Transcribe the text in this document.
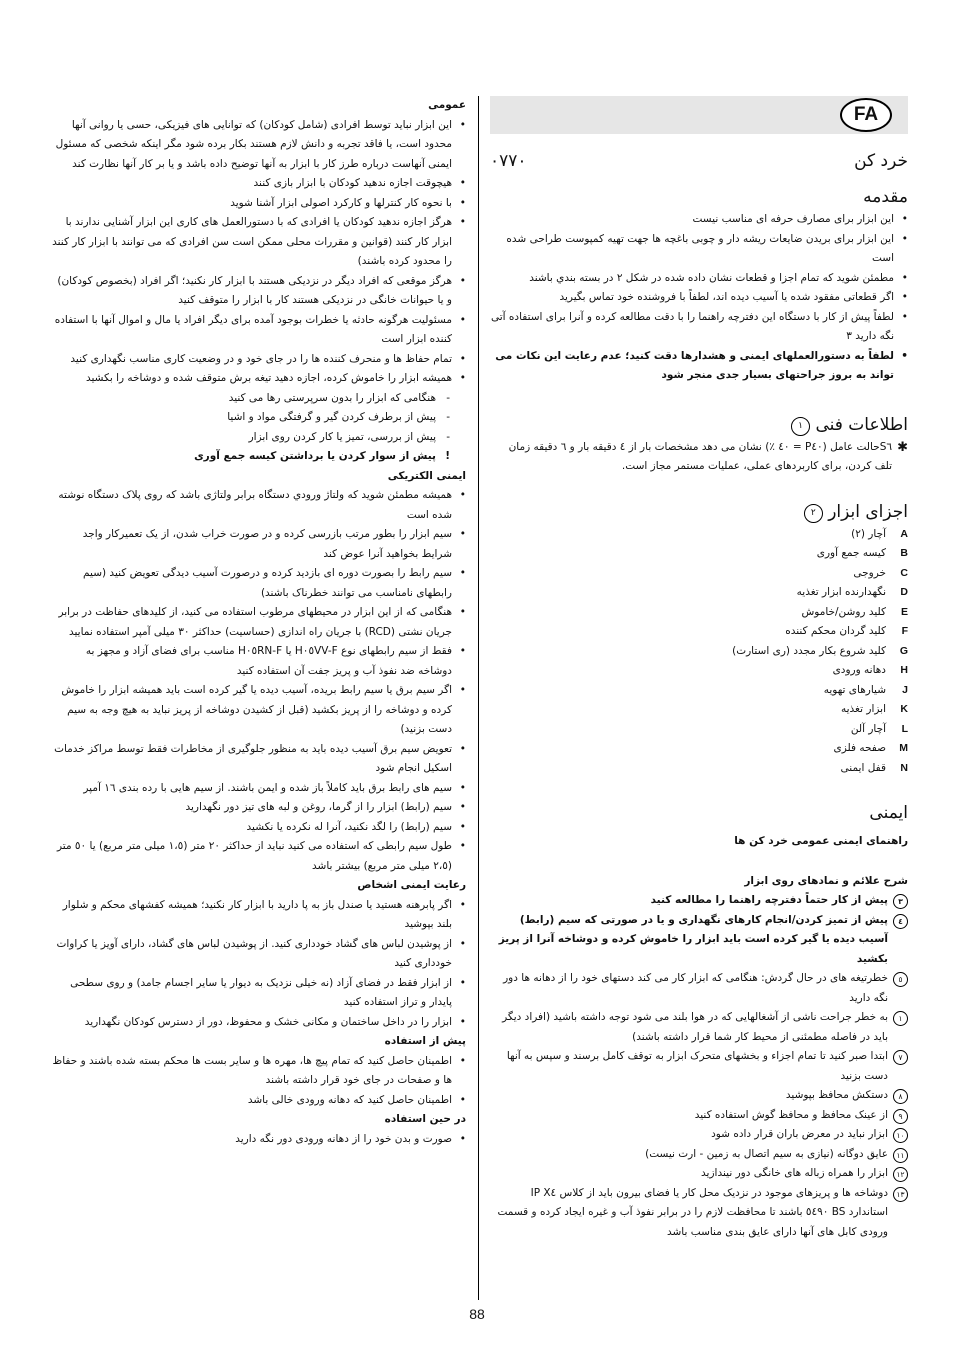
FA
خرد کن
٠٧٧٠
مقدمه
• این ابزار برای مصارف حرفه ای مناسب نیست
• این ابزار برای بریدن ضایعات ریشه دار و چوبی باغچه ها جهت تهیه کمپوست طراحی شده است
• مطمئن شوید که تمام اجزا و قطعات نشان داده شده در شکل ٢ در بسته بندي باشند
• اگر قطعاتی مفقود شده یا آسیب دیده اند، لطفاً با فروشنده خود تماس بگیرید
• لطفاً پیش از کار با دستگاه این دفترچه راهنما را با دقت مطالعه کرده و آنرا برای استفاده آتی نگه دارید ٣
• لطفاً به دستورالعملهای ایمنی و هشدارها دقت کنید؛ عدم رعایت این نکات می تواند به بروز جراحتهای بسیار جدی منجر شود
اطلاعات فنی ١
✱
S٦حالت عامل (P٤٠ = ٤٠ ٪) نشان می دهد مشخصات بار از ٤ دقیقه بار و ٦ دقیقه زمان تلف کردن، برای کاربردهای عملی، عملیات مستمر مجاز است.
اجزای ابزار ٢
A
آچار (٢)
B
کیسه جمع آوری
C
خروجی
D
نگهدارنده ابزار تغذیه
E
کلید روشن/خاموش
F
کلید گردان محکم کننده
G
کلید شروع بکار مجدد (ری استارت)
H
دهانه ورودی
J
شیارهای تهویه
K
ابزار تغذیه
L
آچار آلن
M
صفحه فلزی
N
قفل ایمنی
ایمنی
راهنمای ایمنی عمومی خرد کن ها
شرح علائم و نمادهای روی ابزار
٣
پیش از کار حتماً دفترچه راهنما را مطالعه کنید
٤
پیش از تمیز کردن/انجام کارهای نگهداری و یا در صورتی که سیم (رابط) آسیب دیده یا گیر کرده است باید ابزار را خاموش کرده و دوشاخه آنرا از پریز بکشید
٥
خطرتیغه های در حال گردش: هنگامی که ابزار کار می کند دستهای خود را از دهانه ها دور نگه دارید
١
به خطر جراحت ناشی از آشغالهایی که در هوا بلند می شود توجه داشته باشید (افراد دیگر باید در فاصله مطمئنی از محیط کار شما قرار داشته باشند)
٧
ابتدا صبر کنید تا تمام اجزاء و بخشهای متحرک ابزار به توقف کامل برسند و سپس به آنها دست بزنید
٨
دستکش محافظ بپوشید
٩
از عینک محافظ و محافظ گوش استفاده کنید
١٠
ابزار نباید در معرض باران قرار داده شود
١١
عایق دوگانه (نیازی به سیم اتصال به زمین - ارت نیست)
١٢
ابزار را همراه زباله های خانگی دور نیندازید
١٣
دوشاخه ها و پریزهای موجود در نزدیک محل کار یا فضای بیرون باید از کلاس IP X٤ استاندارد BS ٥٤٩٠ باشند تا محافظت لازم را در برابر نفوذ آب و غیره ایجاد کرده و قسمت ورودی کابل های آنها دارای عایق بندی مناسب باشد
عمومی
• این ابزار نباید توسط افرادی (شامل کودکان) که توانایی های فیزیکی، حسی یا روانی آنها محدود است، یا فاقد تجربه و دانش لازم هستند بکار برده شود مگر اینکه شخصی که مسئول ایمنی آنهاست درباره طرز کار با ابزار به آنها توضیح داده باشد و یا بر کار آنها نظارت کند
• هیچوقت اجازه ندهید کودکان با ابزار بازی کنند
• با نحوه کار کنترلها و کارکرد اصولی ابزار آشنا شوید
• هرگز اجازه ندهید کودکان یا افرادی که با دستورالعمل های کاری این ابزار آشنایی ندارند با ابزار کار کنند (قوانین و مقررات محلی ممکن است سن افرادی که می توانند با ابزار کار کنند را محدود کرده باشند)
• هرگز موقعی که افراد دیگر در نزدیکی هستند با ابزار کار نکنید؛ اگر افراد (بخصوص کودکان) و یا حیوانات خانگی در نزدیکی هستند کار با ابزار را متوقف کنید
• مسئولیت هرگونه حادثه یا خطرات بوجود آمده برای دیگر افراد یا مال و اموال آنها با استفاده کننده ابزار است
• تمام حفاظ ها و منحرف کننده ها را در جای خود و در وضعیت کاری مناسب نگهداری کنید
• همیشه ابزار را خاموش کرده، اجازه دهید تیغه برش متوقف شده و دوشاخه را بکشید
- هنگامی که ابزار را بدون سرپرستی رها می کنید
- پیش از برطرف کردن گیر و گرفتگی مواد و اشیا
- پیش از بررسی، تمیز یا کار کردن روی ابزار
! پیش از سوار کردن یا برداشتن کیسه جمع آوری
ایمنی الکتریکی
• همیشه مطمئن شوید که ولتاژ ورودي دستگاه برابر ولتاژی باشد که روی پلاک دستگاه نوشته شده است
• سیم ابزار را بطور مرتب بازرسی کرده و در صورت خراب شدن، از یک تعمیرکار واجد شرایط بخواهید آنرا عوض کند
• سیم رابط را بصورت دوره ای بازدید کرده و درصورت آسیب دیدگی تعویض کنید (سیم رابطهای نامناسب می توانند خطرناک باشند)
• هنگامی که از این ابزار در محیطهای مرطوب استفاده می کنید، از کلیدهای حفاظت در برابر جریان نشتی (RCD) با جریان راه اندازی (حساسیت) حداکثر ٣٠ میلی آمپر استفاده نمایید
• فقط از سیم رابطهای نوع H٠٥VV-F یا H٠٥RN-F مناسب برای فضای آزاد و مجهز به دوشاخه ضد نفوذ آب و پریز جفت آن استفاده کنید
• اگر سیم برق یا سیم رابط بریده، آسیب دیده یا گیر کرده است باید همیشه ابزار را خاموش کرده و دوشاخه را از پریز بکشید (قبل از کشیدن دوشاخه از پریز نباید به هیچ وجه به سیم دست بزنید)
• تعویض سیم برق آسیب دیده باید به منظور جلوگیری از مخاطرات فقط توسط مراکز خدمات اسکیل انجام شود
• سیم های رابط برق باید کاملاً باز شده و ایمن باشند. از سیم هایی با رده بندی ١٦ آمپر
• سیم (رابط) ابزار را از گرما، روغن و لبه های تیز دور نگهدارید
• سیم (رابط) را لگد نکنید، آنرا له نکرده یا نکشید
• طول سیم رابطی که استفاده می کنید نباید از حداکثر ٢٠ متر (١،٥ میلی متر مربع) یا ٥٠ متر (٢،٥ میلی متر مربع) بیشتر باشد
رعایت ایمنی اشخاص
• اگر پابرهنه هستید یا صندل باز به پا دارید با ابزار کار نکنید؛ همیشه کفشهای محکم و شلوار بلند بپوشید
• از پوشیدن لباس های گشاد خودداری کنید. از پوشیدن لباس های گشاد، دارای آویز یا کراوات خودداری کنید
• از ابزار فقط در فضای آزاد (نه خیلی نزدیک به دیوار یا سایر اجسام جامد) و روی سطحی پایدار و تراز استفاده کنید
• ابزار را در داخل ساختمان و مکانی خشک و محفوظ، دور از دسترس کودکان نگهدارید
پیش از استفاده
• اطمینان حاصل کنید که تمام پیچ ها، مهره ها و سایر بست ها محکم بسته شده باشند و حفاظ ها و صفحات در جای خود قرار داشته باشند
• اطمینان حاصل کنید که دهانه ورودی خالی باشد
در حین استفاده
• صورت و بدن خود را از دهانه ورودی دور نگه دارید
88
